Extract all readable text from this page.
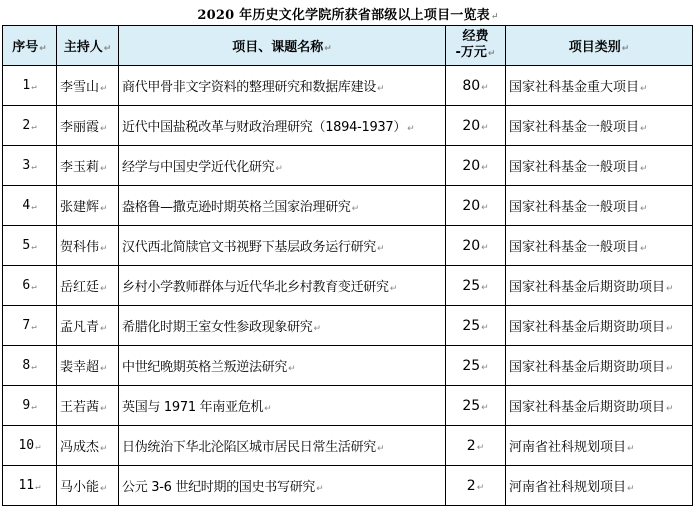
2020 年历史文化学院所获省部级以上项目一览表↵
序号↵	主持人↵	项目、课题名称↵	经费
-万元↵	项目类别↵
1↵	李雪山↵	商代甲骨非文字资料的整理研究和数据库建设↵	80↵	国家社科基金重大项目↵
2↵	李丽霞↵	近代中国盐税改革与财政治理研究（1894-1937）↵	20↵	国家社科基金一般项目↵
3↵	李玉莉↵	经学与中国史学近代化研究↵	20↵	国家社科基金一般项目↵
4↵	张建辉↵	盎格鲁—撒克逊时期英格兰国家治理研究↵	20↵	国家社科基金一般项目↵
5↵	贺科伟↵	汉代西北简牍官文书视野下基层政务运行研究↵	20↵	国家社科基金一般项目↵
6↵	岳红廷↵	乡村小学教师群体与近代华北乡村教育变迁研究↵	25↵	国家社科基金后期资助项目↵
7↵	孟凡青↵	希腊化时期王室女性参政现象研究↵	25↵	国家社科基金后期资助项目↵
8↵	裴幸超↵	中世纪晚期英格兰叛逆法研究↵	25↵	国家社科基金后期资助项目↵
9↵	王若茜↵	英国与 1971 年南亚危机↵	25↵	国家社科基金后期资助项目↵
10↵	冯成杰↵	日伪统治下华北沦陷区城市居民日常生活研究↵	2↵	河南省社科规划项目↵
11↵	马小能↵	公元 3-6 世纪时期的国史书写研究↵	2↵	河南省社科规划项目↵
